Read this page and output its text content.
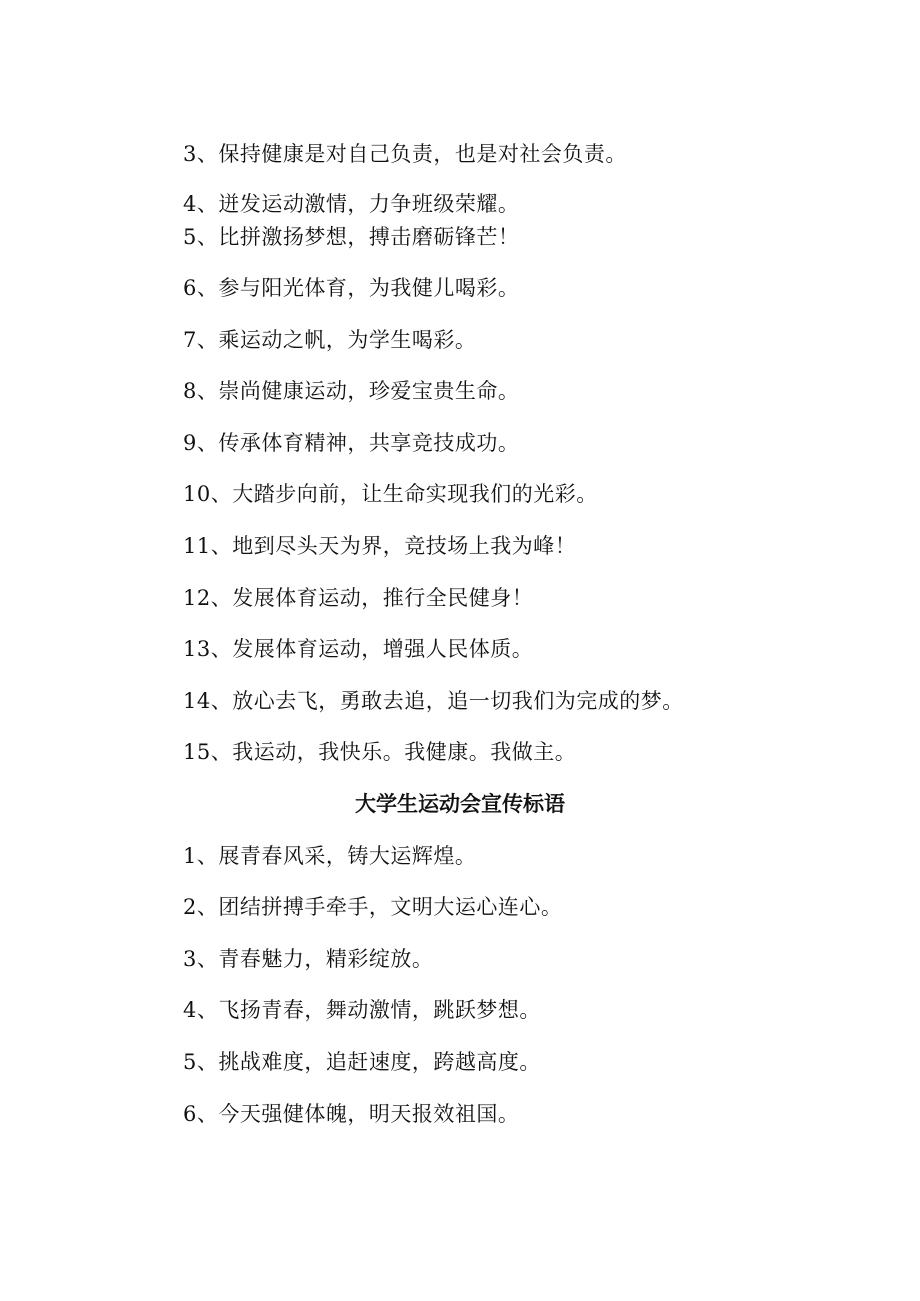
3、保持健康是对自己负责，也是对社会负责。
4、迸发运动激情，力争班级荣耀。
5、比拼激扬梦想，搏击磨砺锋芒！
6、参与阳光体育，为我健儿喝彩。
7、乘运动之帆，为学生喝彩。
8、崇尚健康运动，珍爱宝贵生命。
9、传承体育精神，共享竞技成功。
10、大踏步向前，让生命实现我们的光彩。
11、地到尽头天为界，竞技场上我为峰！
12、发展体育运动，推行全民健身！
13、发展体育运动，增强人民体质。
14、放心去飞，勇敢去追，追一切我们为完成的梦。
15、我运动，我快乐。我健康。我做主。
大学生运动会宣传标语
1、展青春风采，铸大运辉煌。
2、团结拼搏手牵手，文明大运心连心。
3、青春魅力，精彩绽放。
4、飞扬青春，舞动激情，跳跃梦想。
5、挑战难度，追赶速度，跨越高度。
6、今天强健体魄，明天报效祖国。
